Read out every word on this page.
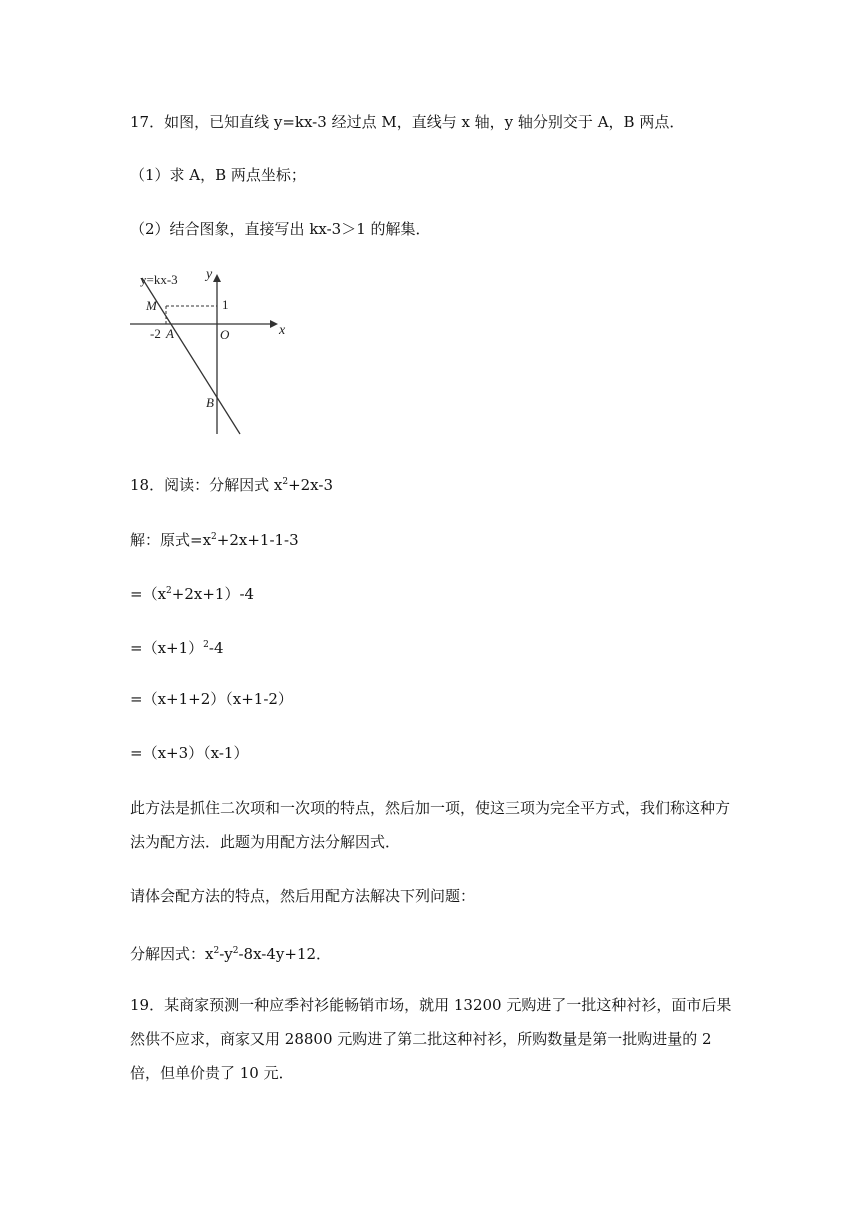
17．如图，已知直线 y=kx-3 经过点 M，直线与 x 轴，y 轴分别交于 A，B 两点．
（1）求 A，B 两点坐标；
（2）结合图象，直接写出 kx-3＞1 的解集．
y=kx-3 y
x
M	1
-2 A	O
B
18．阅读：分解因式 $x^2+2x-3$
解：原式$=x^2+2x+1-1-3$
$=(x^2+2x+1)-4$
$=(x+1)^2-4$
=（x+1+2）（x+1-2）
=（x+3）（x-1）
此方法是抓住二次项和一次项的特点，然后加一项，使这三项为完全平方式，我们称这种方法为配方法．此题为用配方法分解因式．
请体会配方法的特点，然后用配方法解决下列问题：
分解因式：$x^2-y^2-8x-4y+12$．
19．某商家预测一种应季衬衫能畅销市场，就用 13200 元购进了一批这种衬衫，面市后果然供不应求，商家又用 28800 元购进了第二批这种衬衫，所购数量是第一批购进量的 2 倍，但单价贵了 10 元．
